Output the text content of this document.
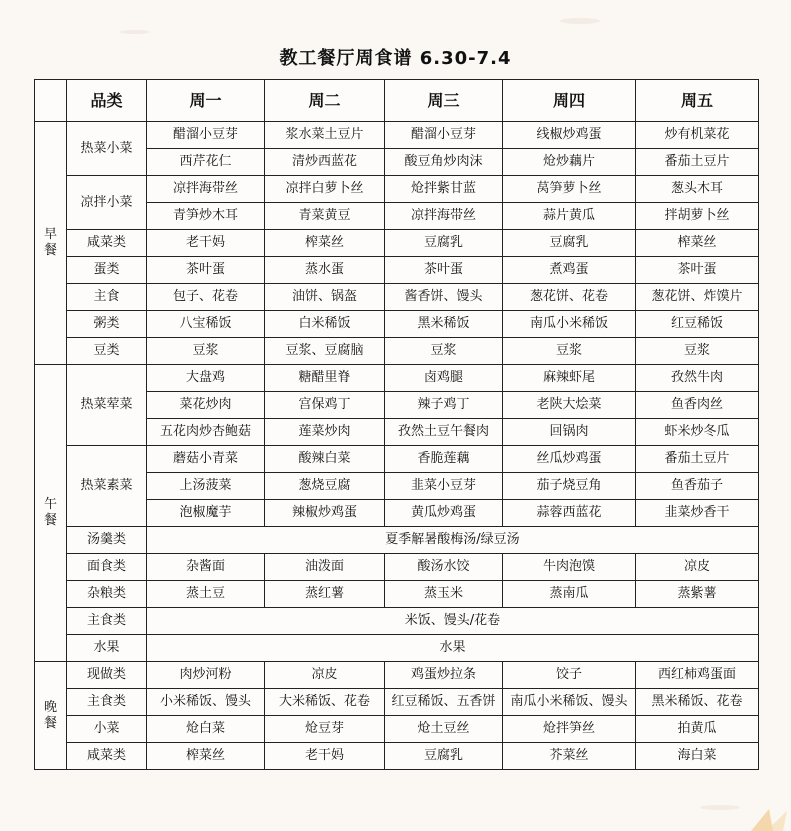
教工餐厅周食谱 6.30-7.4
	品类	周一	周二	周三	周四	周五

早
餐	热菜小菜	醋溜小豆芽	浆水菜土豆片	醋溜小豆芽	线椒炒鸡蛋	炒有机菜花
		西芹花仁	清炒西蓝花	酸豆角炒肉沫	炝炒藕片	番茄土豆片
	凉拌小菜	凉拌海带丝	凉拌白萝卜丝	炝拌紫甘蓝	莴笋萝卜丝	葱头木耳
		青笋炒木耳	青菜黄豆	凉拌海带丝	蒜片黄瓜	拌胡萝卜丝
	咸菜类	老干妈	榨菜丝	豆腐乳	豆腐乳	榨菜丝
	蛋类	茶叶蛋	蒸水蛋	茶叶蛋	煮鸡蛋	茶叶蛋
	主食	包子、花卷	油饼、锅盔	酱香饼、馒头	葱花饼、花卷	葱花饼、炸馍片
	粥类	八宝稀饭	白米稀饭	黑米稀饭	南瓜小米稀饭	红豆稀饭
	豆类	豆浆	豆浆、豆腐脑	豆浆	豆浆	豆浆

午
餐	热菜荤菜	大盘鸡	糖醋里脊	卤鸡腿	麻辣虾尾	孜然牛肉
		菜花炒肉	宫保鸡丁	辣子鸡丁	老陕大烩菜	鱼香肉丝
		五花肉炒杏鲍菇	莲菜炒肉	孜然土豆午餐肉	回锅肉	虾米炒冬瓜
	热菜素菜	蘑菇小青菜	酸辣白菜	香脆莲藕	丝瓜炒鸡蛋	番茄土豆片
		上汤菠菜	葱烧豆腐	韭菜小豆芽	茄子烧豆角	鱼香茄子
		泡椒魔芋	辣椒炒鸡蛋	黄瓜炒鸡蛋	蒜蓉西蓝花	韭菜炒香干
	汤羹类	夏季解暑酸梅汤/绿豆汤				
	面食类	杂酱面	油泼面	酸汤水饺	牛肉泡馍	凉皮
	杂粮类	蒸土豆	蒸红薯	蒸玉米	蒸南瓜	蒸紫薯
	主食类	米饭、馒头/花卷				
	水果	水果				

晚
餐	现做类	肉炒河粉	凉皮	鸡蛋炒拉条	饺子	西红柿鸡蛋面
	主食类	小米稀饭、馒头	大米稀饭、花卷	红豆稀饭、五香饼	南瓜小米稀饭、馒头	黑米稀饭、花卷
	小菜	炝白菜	炝豆芽	炝土豆丝	炝拌笋丝	拍黄瓜
	咸菜类	榨菜丝	老干妈	豆腐乳	芥菜丝	海白菜
